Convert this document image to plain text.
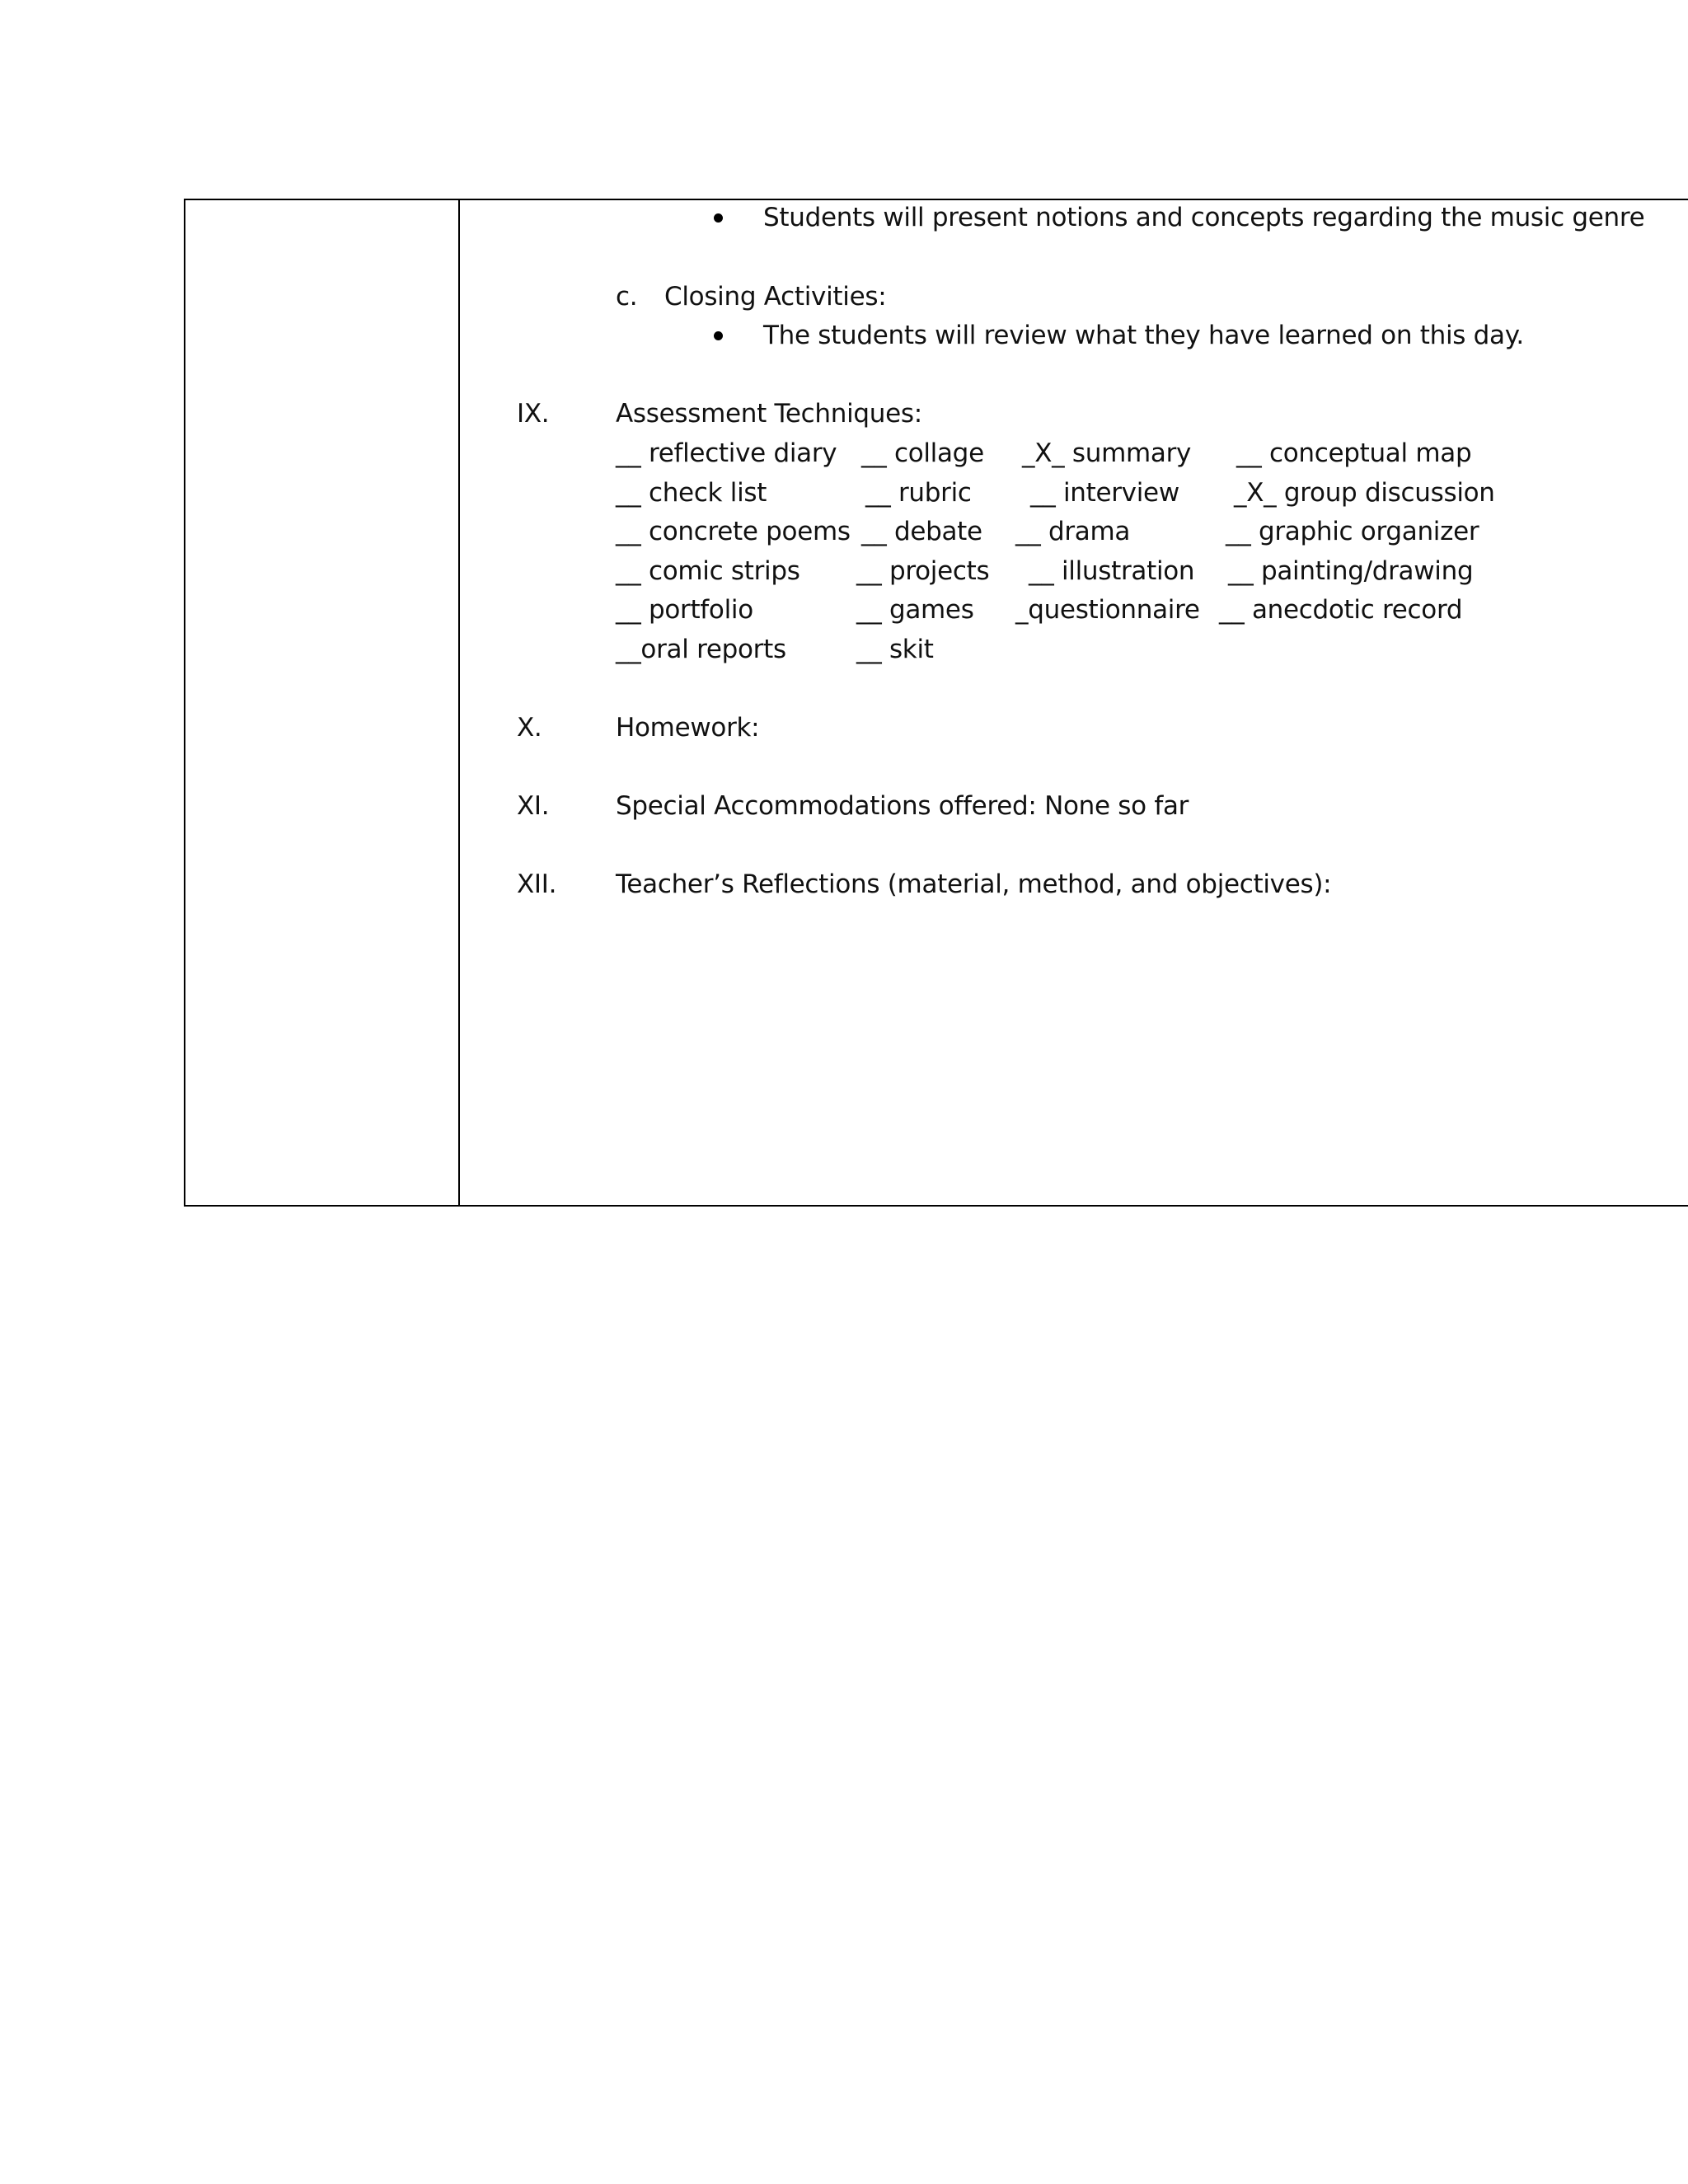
Students will present notions and concepts regarding the music genre
c. Closing Activities:
The students will review what they have learned on this day.
IX.	Assessment Techniques:
__ reflective diary __ collage _X_ summary __ conceptual map
__ check list	__ rubric __ interview _X_ group discussion
__ concrete poems __ debate __ drama	__ graphic organizer
__ comic strips __ projects __ illustration __ painting/drawing
__ portfolio	__ games _questionnaire __ anecdotic record
__oral reports	__ skit
X.	Homework:
XI.	Special Accommodations offered: None so far
XII. Teacher’s Reflections (material, method, and objectives):
